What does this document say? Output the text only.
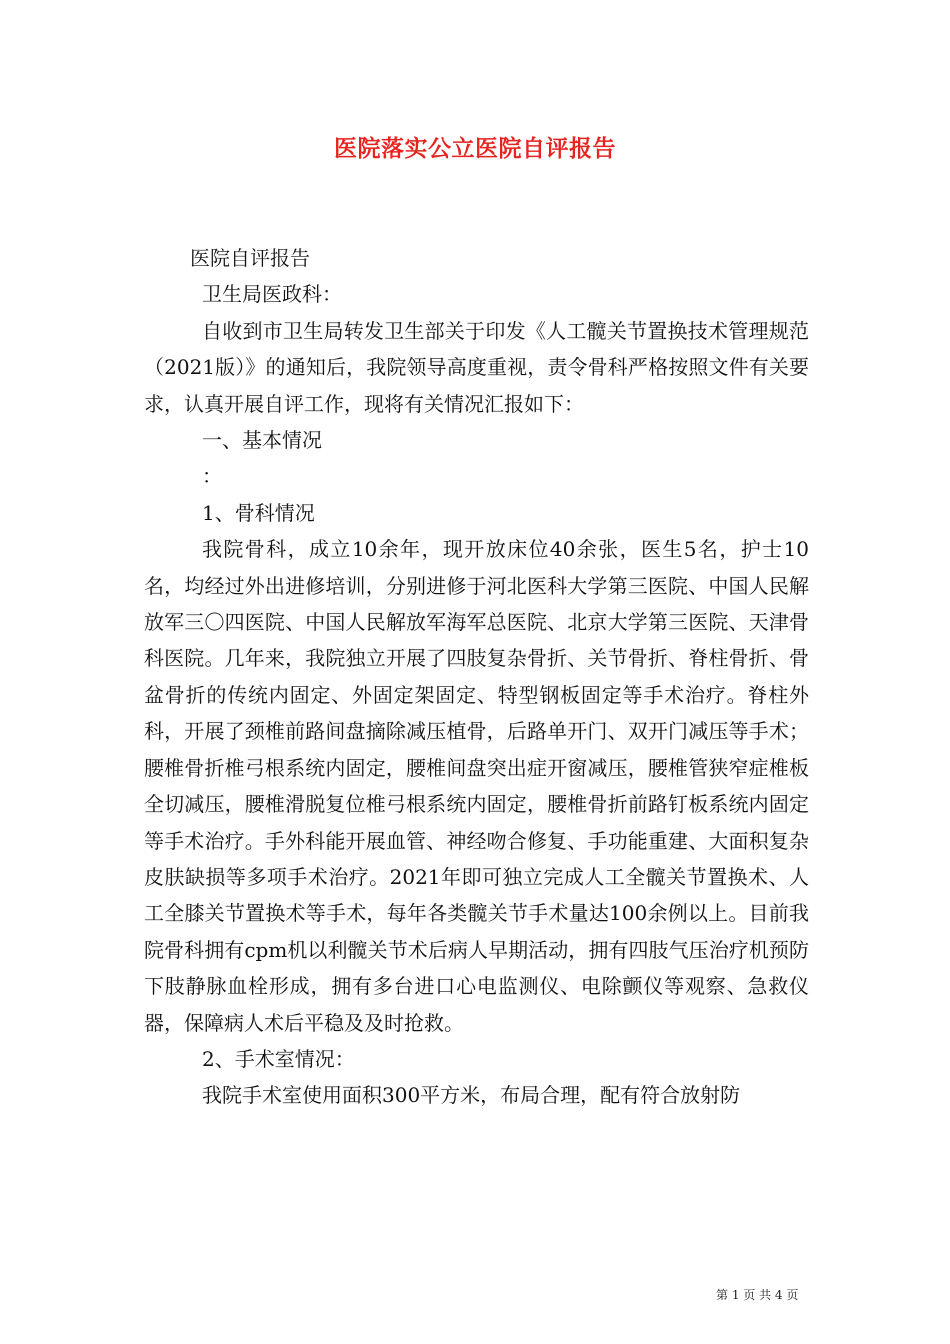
医院落实公立医院自评报告

医院自评报告

卫生局医政科：

自收到市卫生局转发卫生部关于印发《人工髋关节置换技术管理规范（2021版）》的通知后，我院领导高度重视，责令骨科严格按照文件有关要求，认真开展自评工作，现将有关情况汇报如下：

一、基本情况

：

1、骨科情况

我院骨科，成立10余年，现开放床位40余张，医生5名，护士10名，均经过外出进修培训，分别进修于河北医科大学第三医院、中国人民解放军三〇四医院、中国人民解放军海军总医院、北京大学第三医院、天津骨科医院。几年来，我院独立开展了四肢复杂骨折、关节骨折、脊柱骨折、骨盆骨折的传统内固定、外固定架固定、特型钢板固定等手术治疗。脊柱外科，开展了颈椎前路间盘摘除减压植骨，后路单开门、双开门减压等手术；腰椎骨折椎弓根系统内固定，腰椎间盘突出症开窗减压，腰椎管狭窄症椎板全切减压，腰椎滑脱复位椎弓根系统内固定，腰椎骨折前路钉板系统内固定等手术治疗。手外科能开展血管、神经吻合修复、手功能重建、大面积复杂皮肤缺损等多项手术治疗。2021年即可独立完成人工全髋关节置换术、人工全膝关节置换术等手术，每年各类髋关节手术量达100余例以上。目前我院骨科拥有cpm机以利髋关节术后病人早期活动，拥有四肢气压治疗机预防下肢静脉血栓形成，拥有多台进口心电监测仪、电除颤仪等观察、急救仪器，保障病人术后平稳及及时抢救。

2、手术室情况：

我院手术室使用面积300平方米，布局合理，配有符合放射防

第 1 页 共 4 页
